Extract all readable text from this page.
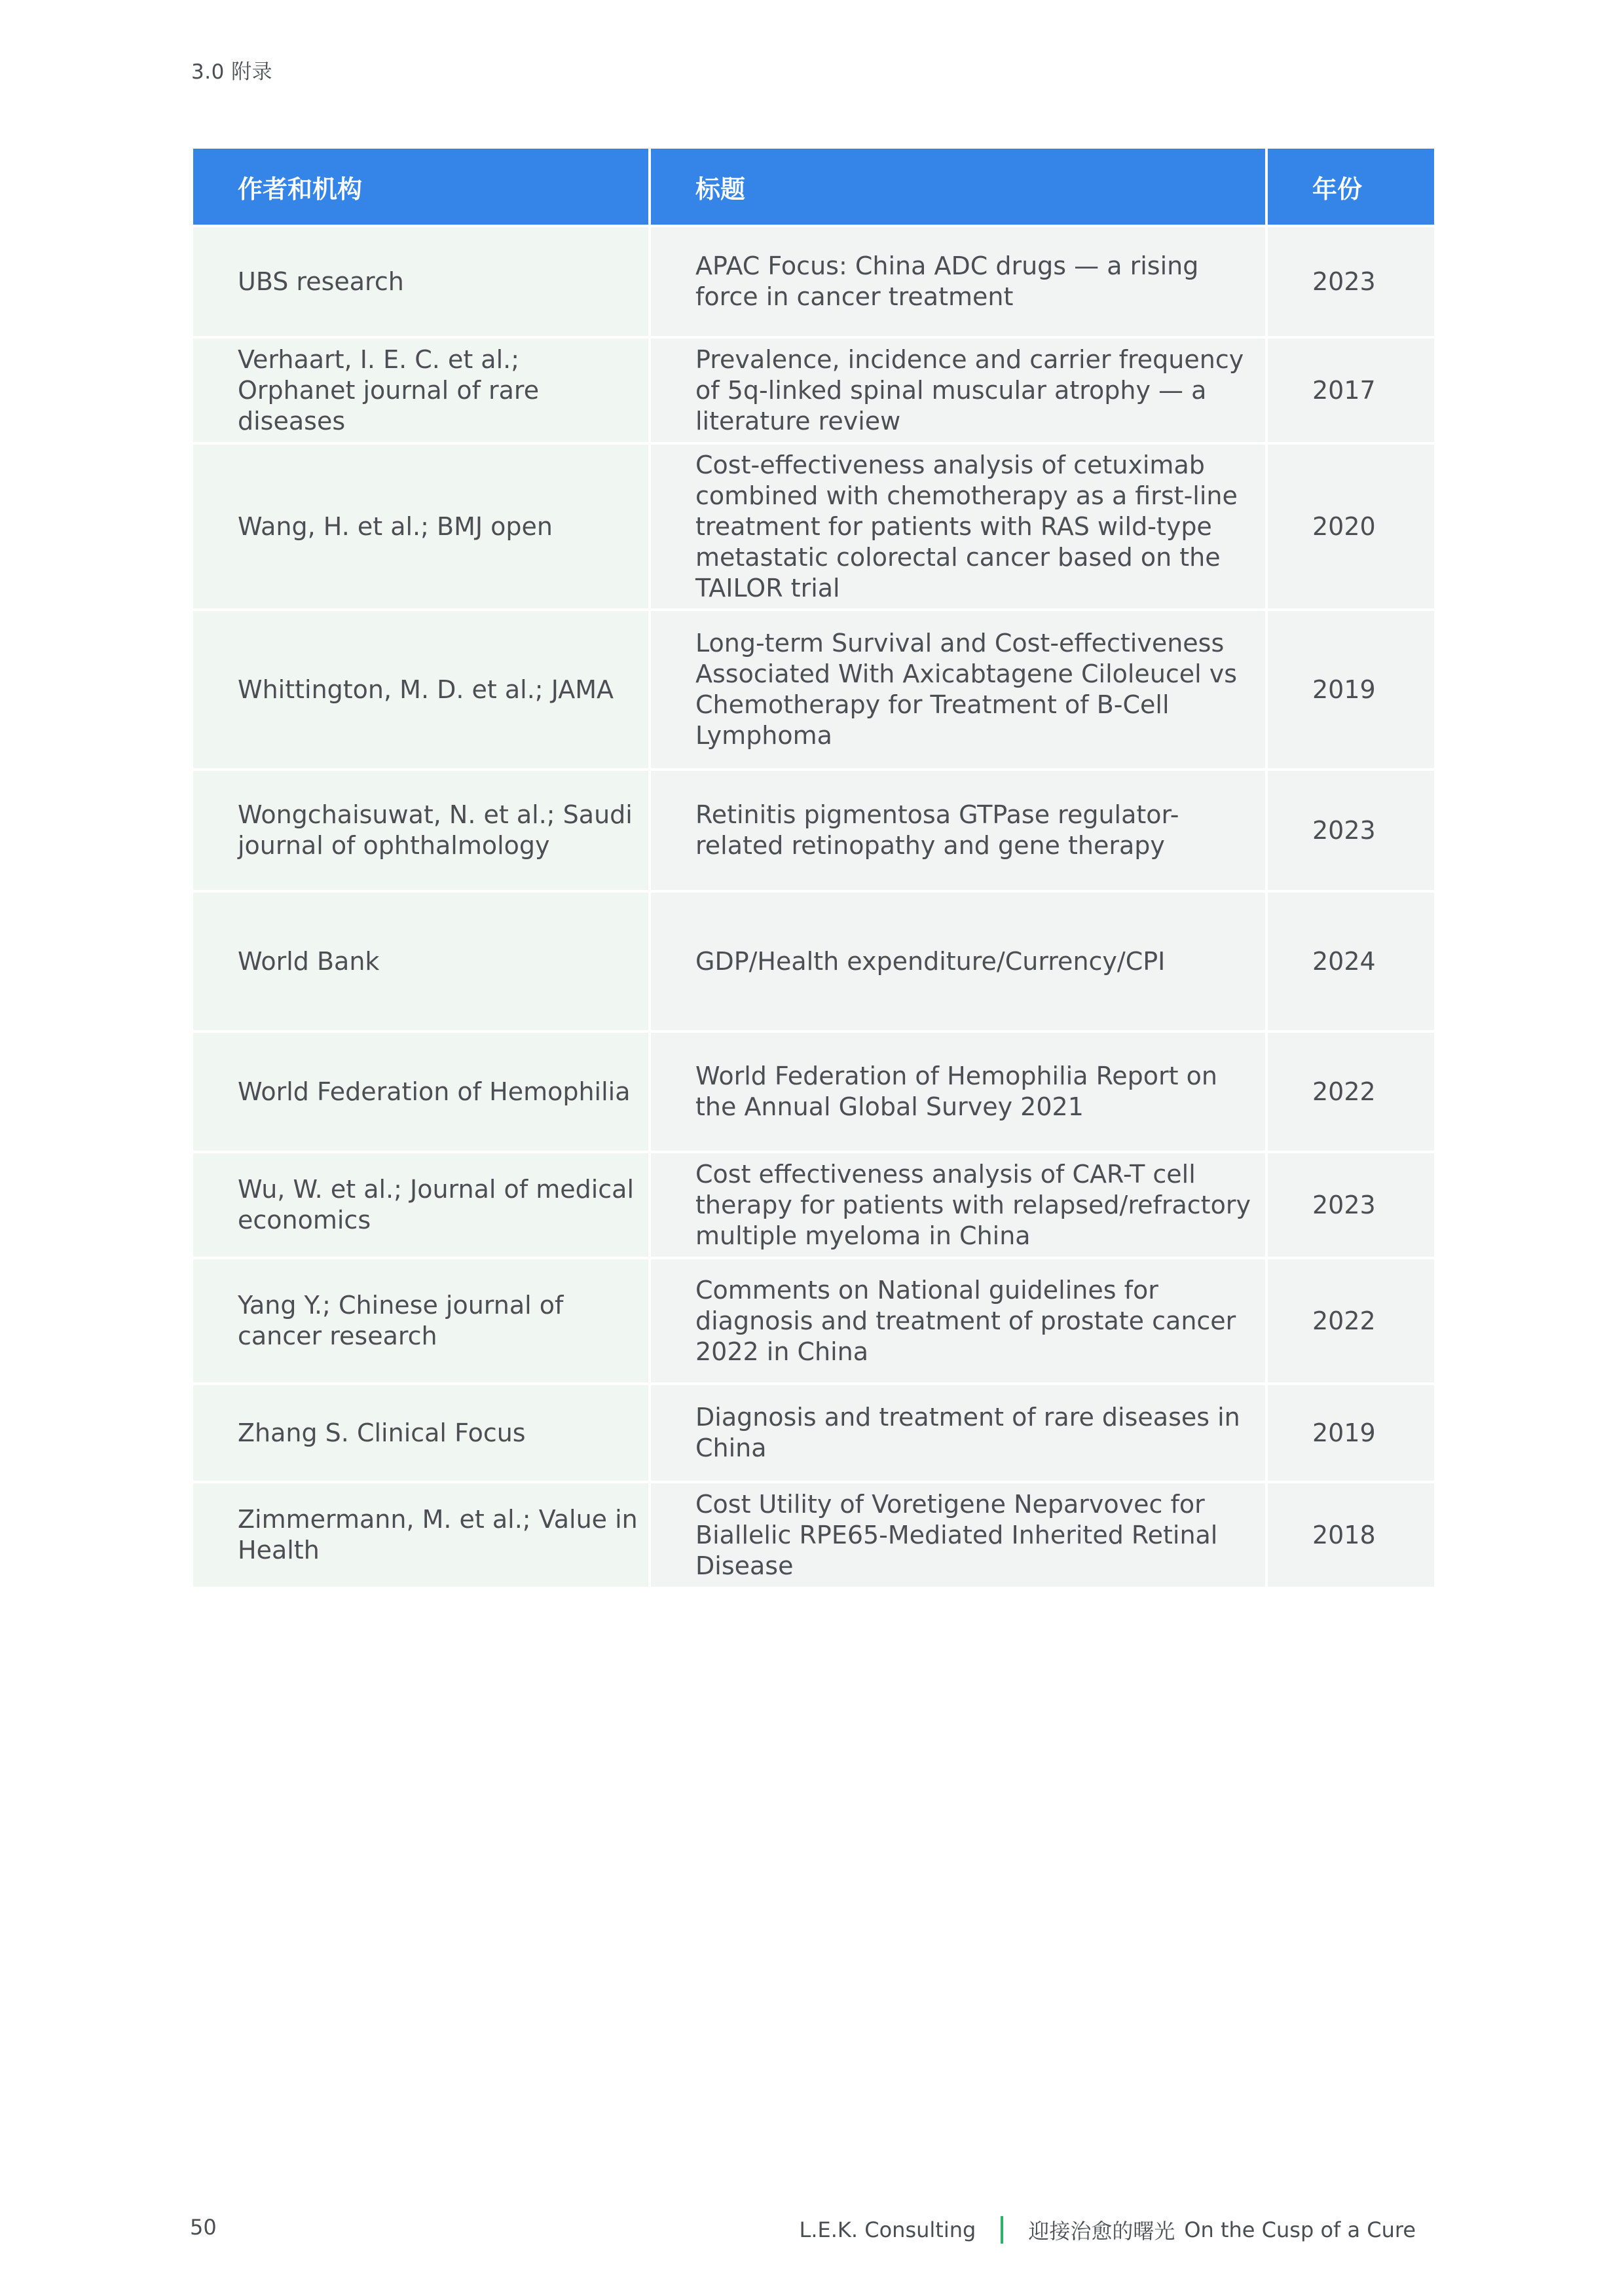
3.0 附录
作者和机构	标题	年份
UBS research	APAC Focus: China ADC drugs — a rising force in cancer treatment	2023
Verhaart, I. E. C. et al.; Orphanet journal of rare diseases	Prevalence, incidence and carrier frequency of 5q-linked spinal muscular atrophy — a literature review	2017
Wang, H. et al.; BMJ open	Cost-effectiveness analysis of cetuximab combined with chemotherapy as a first-line treatment for patients with RAS wild-type metastatic colorectal cancer based on the TAILOR trial	2020
Whittington, M. D. et al.; JAMA	Long-term Survival and Cost-effectiveness Associated With Axicabtagene Ciloleucel vs Chemotherapy for Treatment of B-Cell Lymphoma	2019
Wongchaisuwat, N. et al.; Saudi journal of ophthalmology	Retinitis pigmentosa GTPase regulator-related retinopathy and gene therapy	2023
World Bank	GDP/Health expenditure/Currency/CPI	2024
World Federation of Hemophilia	World Federation of Hemophilia Report on the Annual Global Survey 2021	2022
Wu, W. et al.; Journal of medical economics	Cost effectiveness analysis of CAR-T cell therapy for patients with relapsed/refractory multiple myeloma in China	2023
Yang Y.; Chinese journal of cancer research	Comments on National guidelines for diagnosis and treatment of prostate cancer 2022 in China	2022
Zhang S. Clinical Focus	Diagnosis and treatment of rare diseases in China	2019
Zimmermann, M. et al.; Value in Health	Cost Utility of Voretigene Neparvovec for Biallelic RPE65-Mediated Inherited Retinal Disease	2018
50	L.E.K. Consulting	迎接治愈的曙光 On the Cusp of a Cure
